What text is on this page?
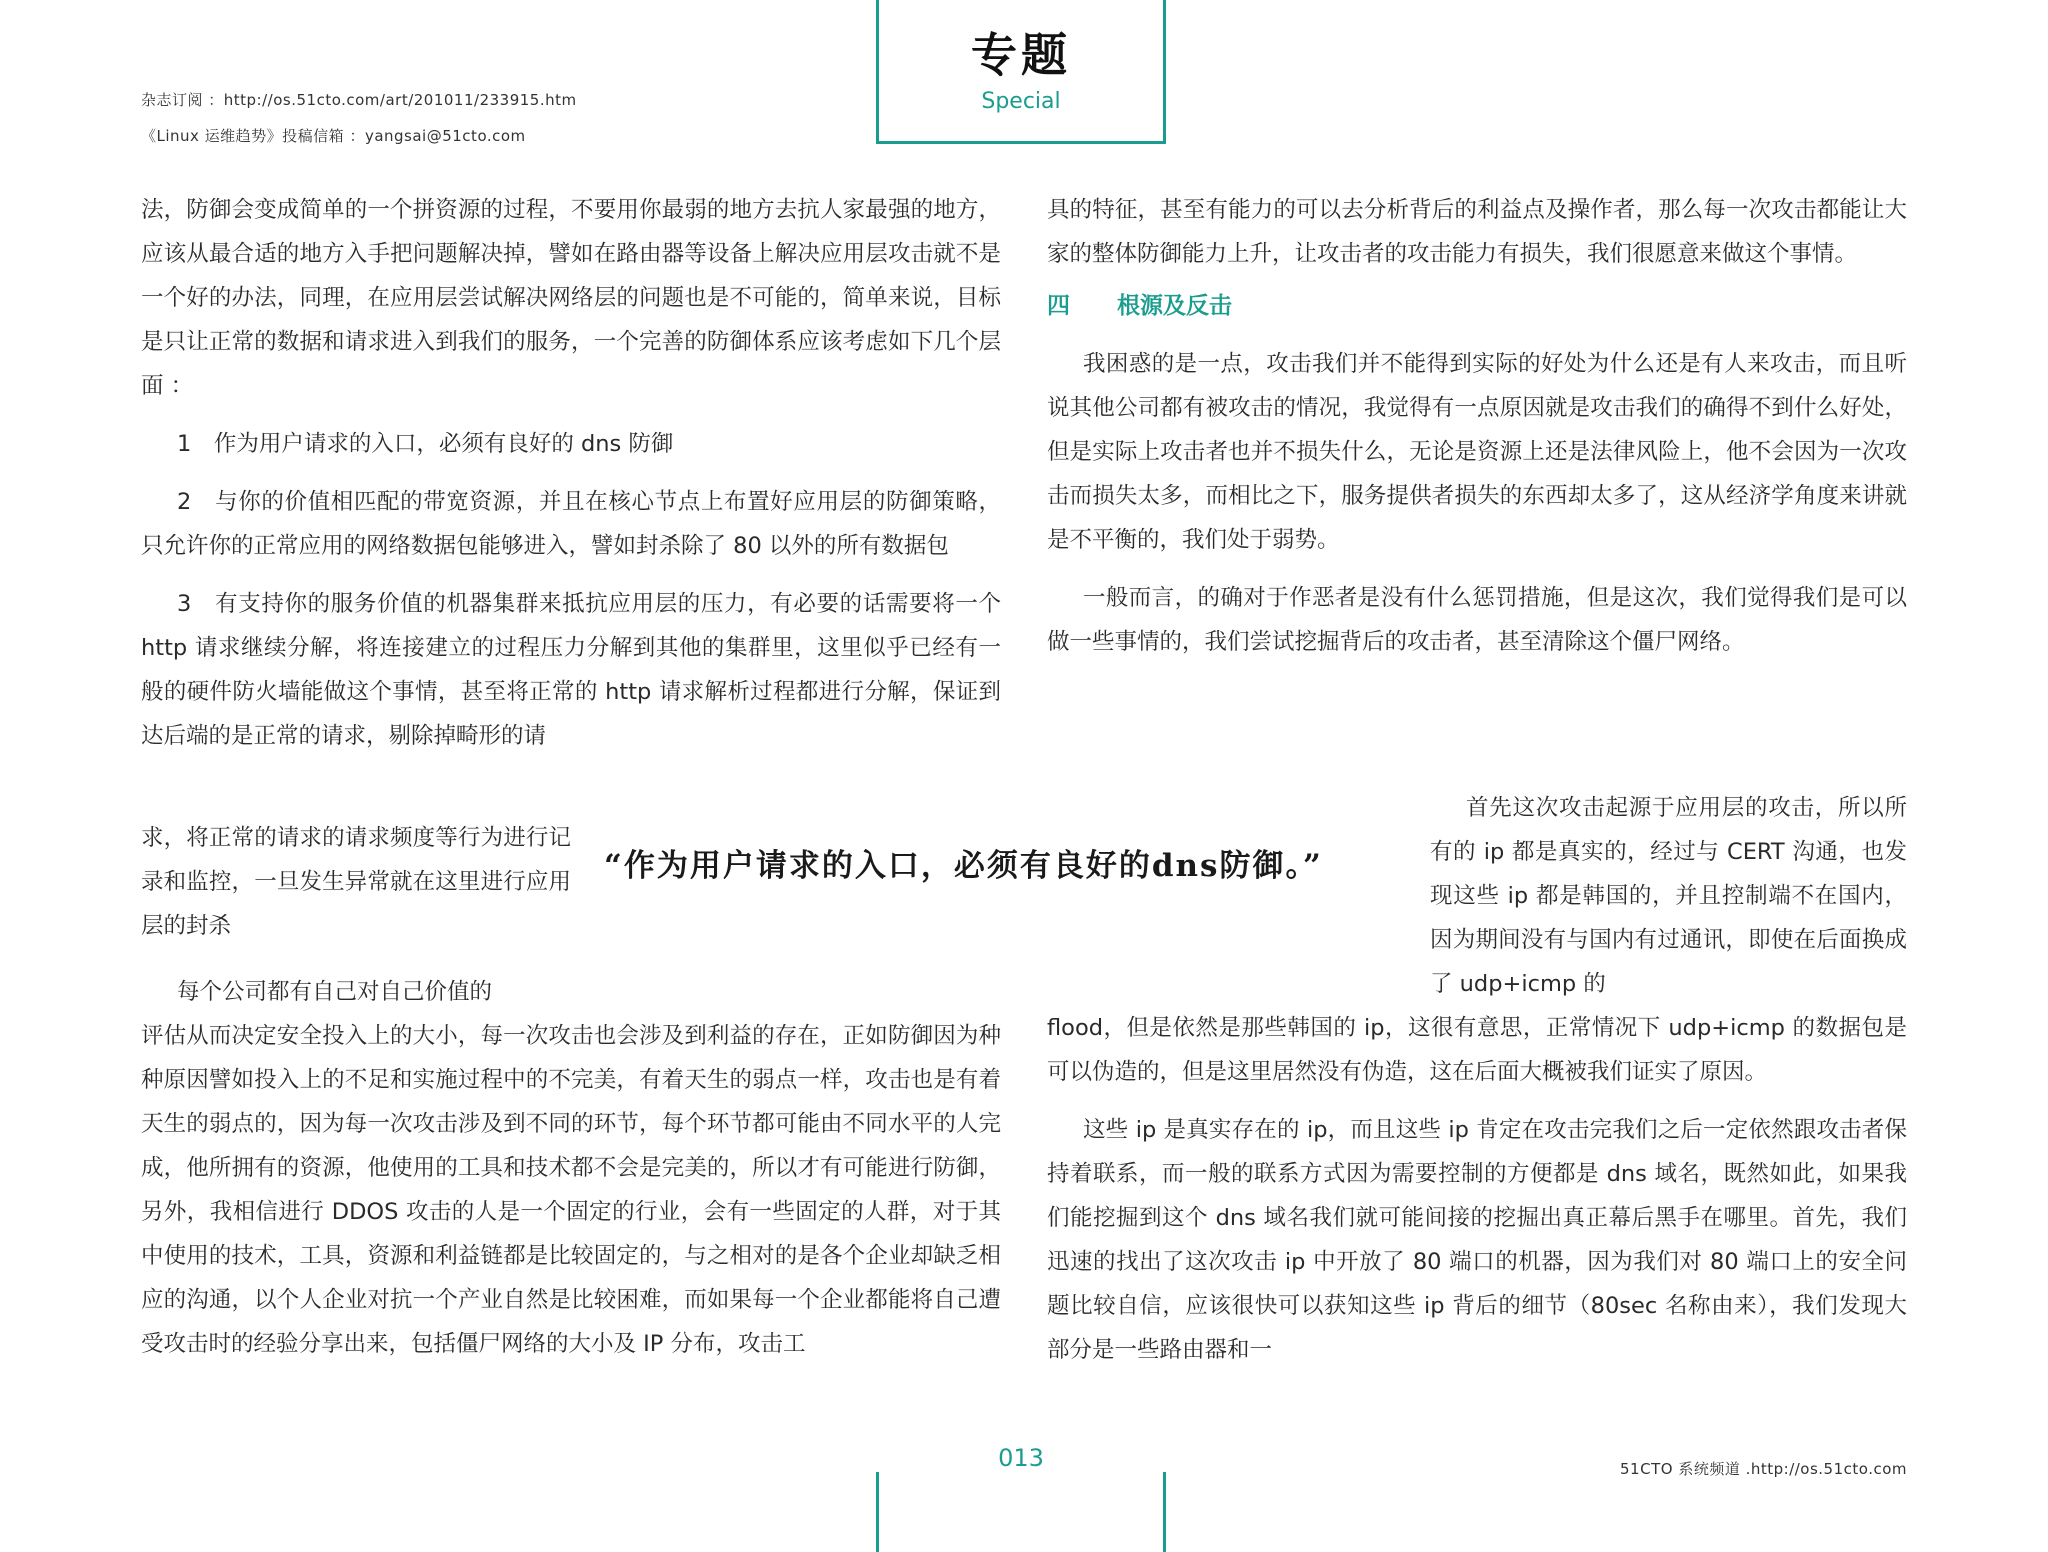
杂志订阅 ：http://os.51cto.com/art/201011/233915.htm
《Linux 运维趋势》投稿信箱 ：yangsai@51cto.com
专题
Special

法，防御会变成简单的一个拼资源的过程，不要用你最弱的地方去抗人家最强的地方，应该从最合适的地方入手把问题解决掉，譬如在路由器等设备上解决应用层攻击就不是一个好的办法，同理，在应用层尝试解决网络层的问题也是不可能的，简单来说，目标是只让正常的数据和请求进入到我们的服务，一个完善的防御体系应该考虑如下几个层面 ：

1　作为用户请求的入口，必须有良好的 dns 防御

2　与你的价值相匹配的带宽资源，并且在核心节点上布置好应用层的防御策略，只允许你的正常应用的网络数据包能够进入，譬如封杀除了 80 以外的所有数据包

3　有支持你的服务价值的机器集群来抵抗应用层的压力，有必要的话需要将一个 http 请求继续分解，将连接建立的过程压力分解到其他的集群里，这里似乎已经有一般的硬件防火墙能做这个事情，甚至将正常的 http 请求解析过程都进行分解，保证到达后端的是正常的请求，剔除掉畸形的请

求，将正常的请求的请求频度等行为进行记录和监控，一旦发生异常就在这里进行应用层的封杀

每个公司都有自己对自己价值的

评估从而决定安全投入上的大小，每一次攻击也会涉及到利益的存在，正如防御因为种种原因譬如投入上的不足和实施过程中的不完美，有着天生的弱点一样，攻击也是有着天生的弱点的，因为每一次攻击涉及到不同的环节，每个环节都可能由不同水平的人完成，他所拥有的资源，他使用的工具和技术都不会是完美的，所以才有可能进行防御，另外，我相信进行 DDOS 攻击的人是一个固定的行业，会有一些固定的人群，对于其中使用的技术，工具，资源和利益链都是比较固定的，与之相对的是各个企业却缺乏相应的沟通，以个人企业对抗一个产业自然是比较困难，而如果每一个企业都能将自己遭受攻击时的经验分享出来，包括僵尸网络的大小及 IP 分布，攻击工

“作为用户请求的入口，必须有良好的dns防御。”

具的特征，甚至有能力的可以去分析背后的利益点及操作者，那么每一次攻击都能让大家的整体防御能力上升，让攻击者的攻击能力有损失，我们很愿意来做这个事情。

四 根源及反击

我困惑的是一点，攻击我们并不能得到实际的好处为什么还是有人来攻击，而且听说其他公司都有被攻击的情况，我觉得有一点原因就是攻击我们的确得不到什么好处，但是实际上攻击者也并不损失什么，无论是资源上还是法律风险上，他不会因为一次攻击而损失太多，而相比之下，服务提供者损失的东西却太多了，这从经济学角度来讲就是不平衡的，我们处于弱势。

一般而言，的确对于作恶者是没有什么惩罚措施，但是这次，我们觉得我们是可以做一些事情的，我们尝试挖掘背后的攻击者，甚至清除这个僵尸网络。

首先这次攻击起源于应用层的攻击，所以所有的 ip 都是真实的，经过与 CERT 沟通，也发现这些 ip 都是韩国的，并且控制端不在国内，因为期间没有与国内有过通讯，即使在后面换成了 udp+icmp 的

flood，但是依然是那些韩国的 ip，这很有意思，正常情况下 udp+icmp 的数据包是可以伪造的，但是这里居然没有伪造，这在后面大概被我们证实了原因。

这些 ip 是真实存在的 ip，而且这些 ip 肯定在攻击完我们之后一定依然跟攻击者保持着联系，而一般的联系方式因为需要控制的方便都是 dns 域名，既然如此，如果我们能挖掘到这个 dns 域名我们就可能间接的挖掘出真正幕后黑手在哪里。首先，我们迅速的找出了这次攻击 ip 中开放了 80 端口的机器，因为我们对 80 端口上的安全问题比较自信，应该很快可以获知这些 ip 背后的细节（80sec 名称由来），我们发现大部分是一些路由器和一

013	51CTO 系统频道 .http://os.51cto.com
